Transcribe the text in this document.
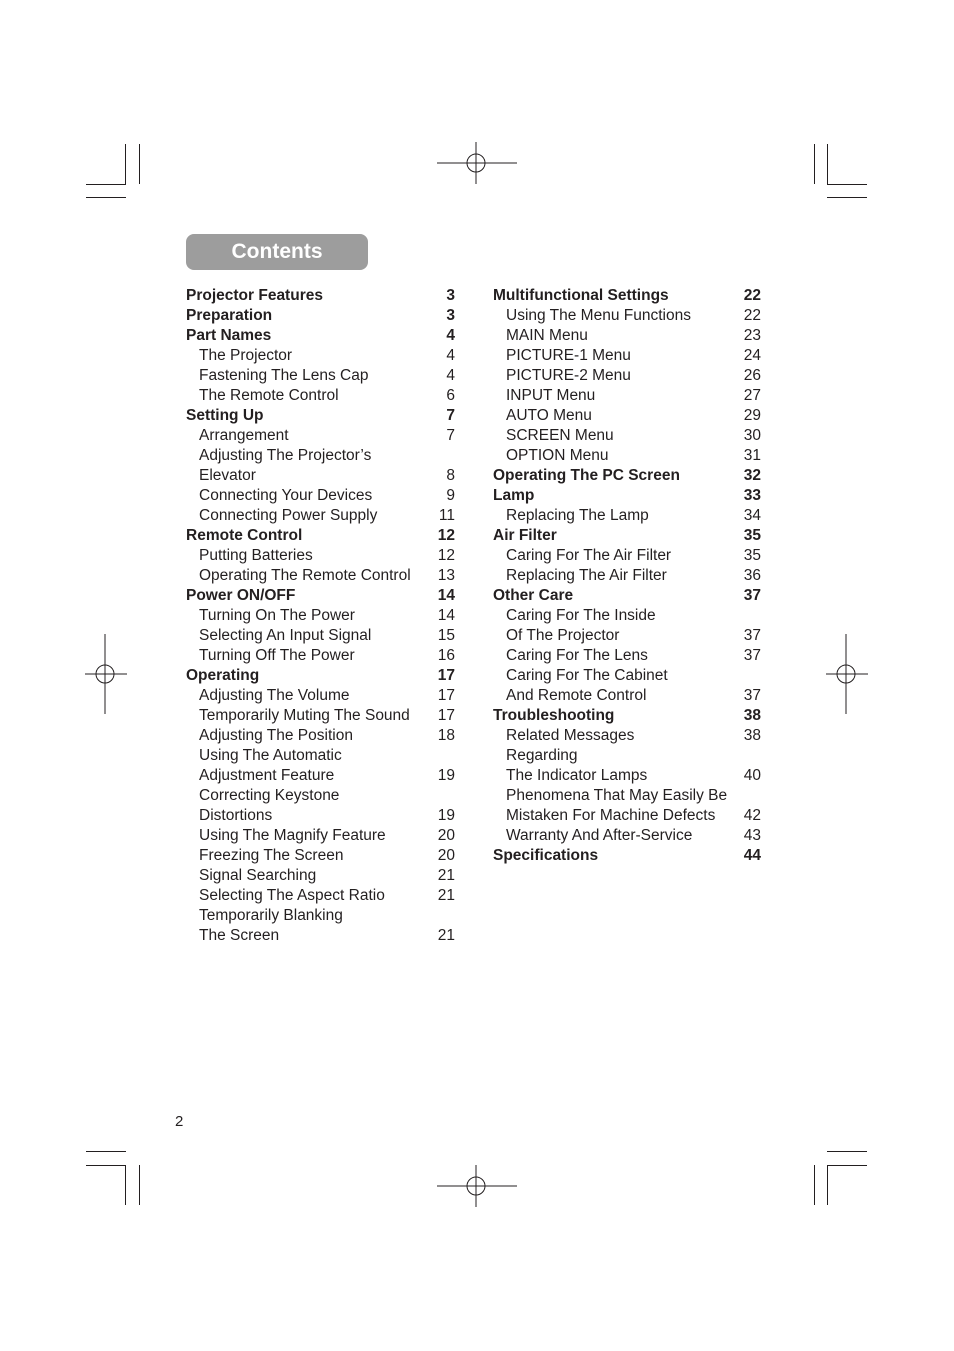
Contents
Projector Features	3
Preparation	3
Part Names	4
The Projector	4
Fastening The Lens Cap	4
The Remote Control	6
Setting Up	7
Arrangement	7
Adjusting The Projector’s
Elevator	8
Connecting Your Devices	9
Connecting Power Supply	11
Remote Control	12
Putting Batteries	12
Operating The Remote Control 13
Power ON/OFF	14
Turning On The Power	14
Selecting An Input Signal	15
Turning Off The Power	16
Operating	17
Adjusting The Volume	17
Temporarily Muting The Sound 17
Adjusting The Position	18
Using The Automatic
Adjustment Feature	19
Correcting Keystone
Distortions	19
Using The Magnify Feature	20
Freezing The Screen	20
Signal Searching	21
Selecting The Aspect Ratio	21
Temporarily Blanking
The Screen	21
Multifunctional Settings	22
Using The Menu Functions	22
MAIN Menu	23
PICTURE-1 Menu	24
PICTURE-2 Menu	26
INPUT Menu	27
AUTO Menu	29
SCREEN Menu	30
OPTION Menu	31
Operating The PC Screen	32
Lamp	33
Replacing The Lamp	34
Air Filter	35
Caring For The Air Filter	35
Replacing The Air Filter	36
Other Care	37
Caring For The Inside
Of The Projector	37
Caring For The Lens	37
Caring For The Cabinet
And Remote Control	37
Troubleshooting	38
Related Messages	38
Regarding
The Indicator Lamps	40
Phenomena That May Easily Be
Mistaken For Machine Defects 42
Warranty And After-Service	43
Specifications	44
2
